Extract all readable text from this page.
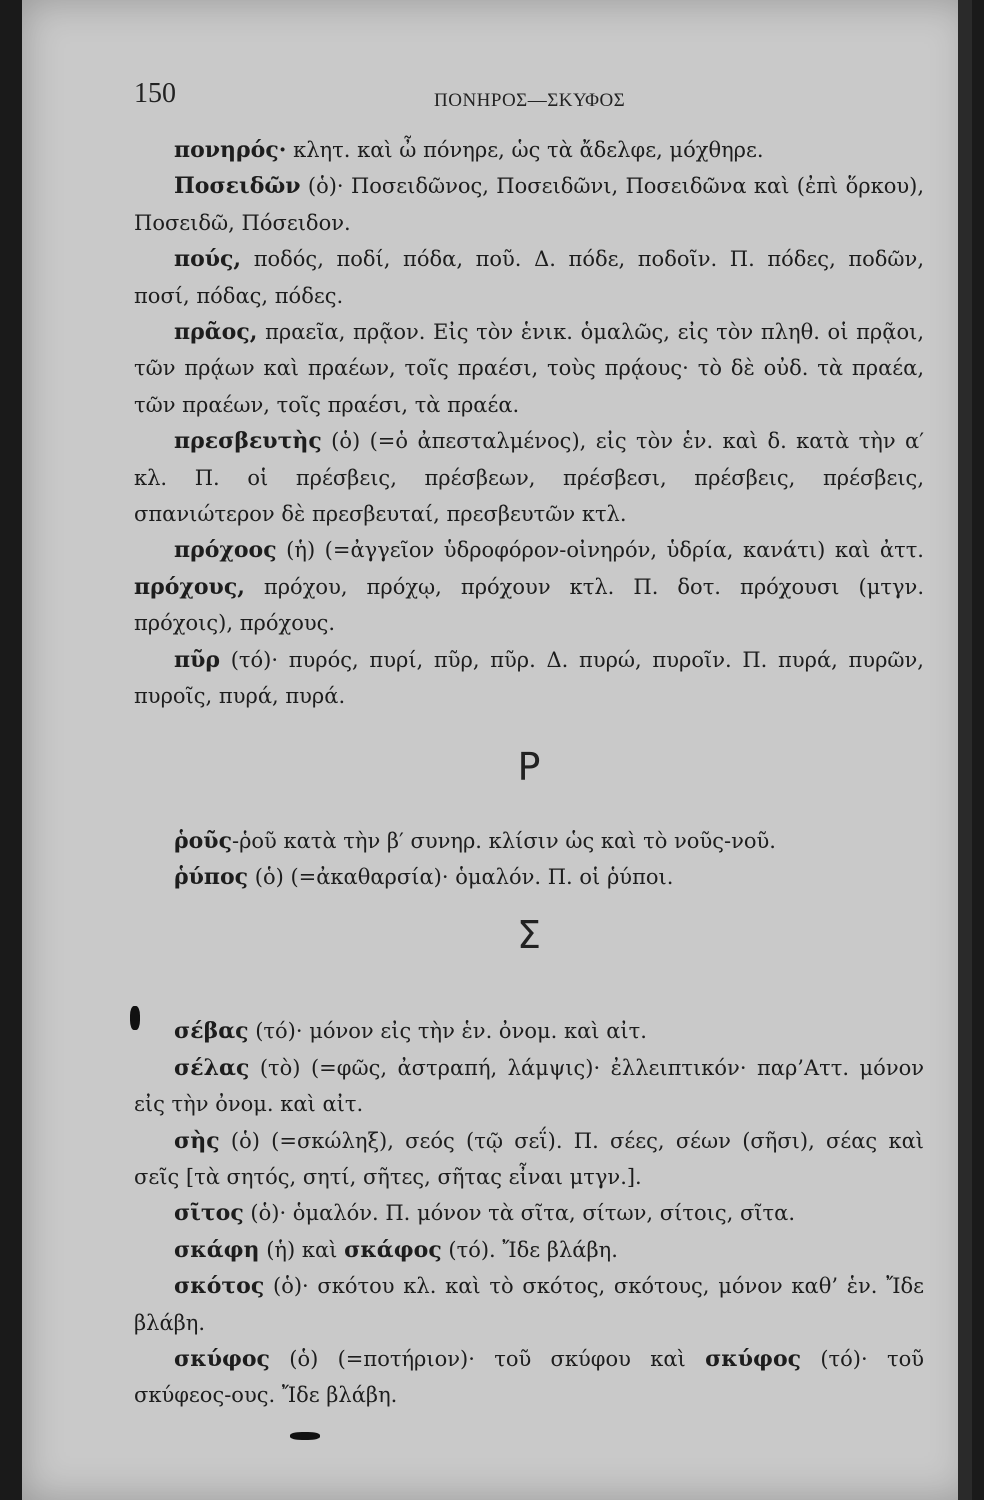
150	ΠΟΝΗΡΟΣ—ΣΚΥΦΟΣ

πονηρός· κλητ. καὶ ὦ πόνηρε, ὡς τὰ ἄδελφε, μόχθηρε.

Ποσειδῶν (ὁ)· Ποσειδῶνος, Ποσειδῶνι, Ποσειδῶνα καὶ (ἐπὶ ὅρκου), Ποσειδῶ, Πόσειδον.

πούς, ποδός, ποδί, πόδα, ποῦ. Δ. πόδε, ποδοῖν. Π. πόδες, ποδῶν, ποσί, πόδας, πόδες.

πρᾶος, πραεῖα, πρᾷον. Εἰς τὸν ἑνικ. ὁμαλῶς, εἰς τὸν πληθ. οἱ πρᾷοι, τῶν πρᾴων καὶ πραέων, τοῖς πραέσι, τοὺς πρᾴους· τὸ δὲ οὐδ. τὰ πραέα, τῶν πραέων, τοῖς πραέσι, τὰ πραέα.

πρεσβευτὴς (ὁ) (=ὁ ἀπεσταλμένος), εἰς τὸν ἑν. καὶ δ. κατὰ τὴν α′ κλ. Π. οἱ πρέσβεις, πρέσβεων, πρέσβεσι, πρέσβεις, πρέσβεις, σπανιώτερον δὲ πρεσβευταί, πρεσβευτῶν κτλ.

πρόχοος (ἡ) (=ἀγγεῖον ὑδροφόρον-οἰνηρόν, ὑδρία, κανάτι) καὶ ἀττ. πρόχους, πρόχου, πρόχῳ, πρόχουν κτλ. Π. δοτ. πρόχουσι (μτγν. πρόχοις), πρόχους.

πῦρ (τό)· πυρός, πυρί, πῦρ, πῦρ. Δ. πυρώ, πυροῖν. Π. πυρά, πυρῶν, πυροῖς, πυρά, πυρά.

Ρ

ῥοῦς-ῥοῦ κατὰ τὴν β′ συνηρ. κλίσιν ὡς καὶ τὸ νοῦς-νοῦ.

ῥύπος (ὁ) (=ἀκαθαρσία)· ὁμαλόν. Π. οἱ ῥύποι.

Σ

σέβας (τό)· μόνον εἰς τὴν ἑν. ὀνομ. καὶ αἰτ.

σέλας (τὸ) (=φῶς, ἀστραπή, λάμψις)· ἐλλειπτικόν· παρ’Αττ. μόνον εἰς τὴν ὀνομ. καὶ αἰτ.

σὴς (ὁ) (=σκώληξ), σεός (τῷ σεΐ). Π. σέες, σέων (σῆσι), σέας καὶ σεῖς [τὰ σητός, σητί, σῆτες, σῆτας εἶναι μτγν.].

σῖτος (ὁ)· ὁμαλόν. Π. μόνον τὰ σῖτα, σίτων, σίτοις, σῖτα.

σκάφη (ἡ) καὶ σκάφος (τό). Ἴδε βλάβη.

σκότος (ὁ)· σκότου κλ. καὶ τὸ σκότος, σκότους, μόνον καθ’ ἑν. Ἴδε βλάβη.

σκύφος (ὁ) (=ποτήριον)· τοῦ σκύφου καὶ σκύφος (τό)· τοῦ σκύφεος-ους. Ἴδε βλάβη.
